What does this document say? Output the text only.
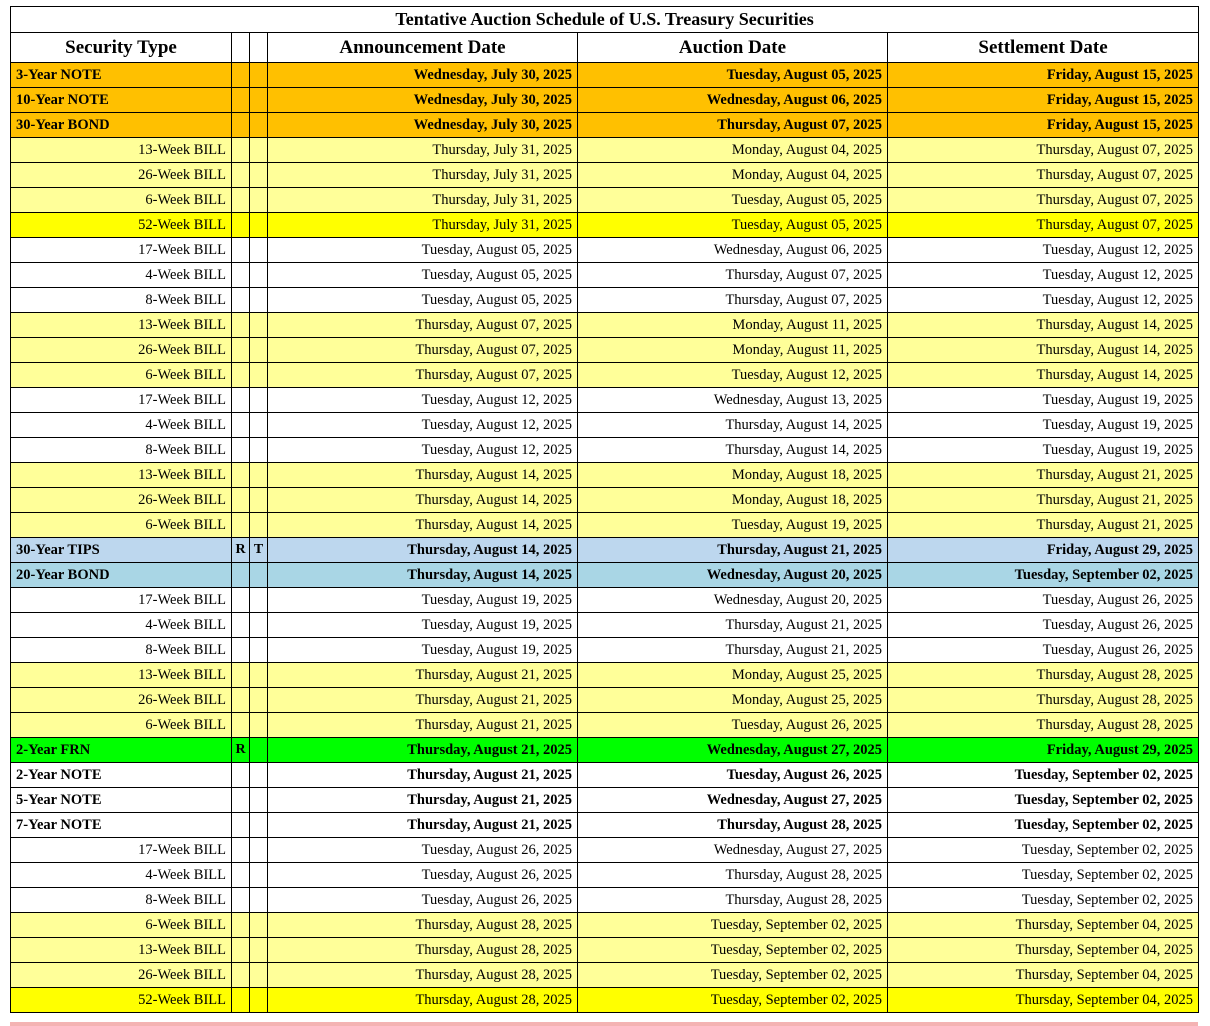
Tentative Auction Schedule of U.S. Treasury Securities					
Security Type			Announcement Date	Auction Date	Settlement Date
3-Year NOTE			Wednesday, July 30, 2025	Tuesday, August 05, 2025	Friday, August 15, 2025
10-Year NOTE			Wednesday, July 30, 2025	Wednesday, August 06, 2025	Friday, August 15, 2025
30-Year BOND			Wednesday, July 30, 2025	Thursday, August 07, 2025	Friday, August 15, 2025
13-Week BILL			Thursday, July 31, 2025	Monday, August 04, 2025	Thursday, August 07, 2025
26-Week BILL			Thursday, July 31, 2025	Monday, August 04, 2025	Thursday, August 07, 2025
6-Week BILL			Thursday, July 31, 2025	Tuesday, August 05, 2025	Thursday, August 07, 2025
52-Week BILL			Thursday, July 31, 2025	Tuesday, August 05, 2025	Thursday, August 07, 2025
17-Week BILL			Tuesday, August 05, 2025	Wednesday, August 06, 2025	Tuesday, August 12, 2025
4-Week BILL			Tuesday, August 05, 2025	Thursday, August 07, 2025	Tuesday, August 12, 2025
8-Week BILL			Tuesday, August 05, 2025	Thursday, August 07, 2025	Tuesday, August 12, 2025
13-Week BILL			Thursday, August 07, 2025	Monday, August 11, 2025	Thursday, August 14, 2025
26-Week BILL			Thursday, August 07, 2025	Monday, August 11, 2025	Thursday, August 14, 2025
6-Week BILL			Thursday, August 07, 2025	Tuesday, August 12, 2025	Thursday, August 14, 2025
17-Week BILL			Tuesday, August 12, 2025	Wednesday, August 13, 2025	Tuesday, August 19, 2025
4-Week BILL			Tuesday, August 12, 2025	Thursday, August 14, 2025	Tuesday, August 19, 2025
8-Week BILL			Tuesday, August 12, 2025	Thursday, August 14, 2025	Tuesday, August 19, 2025
13-Week BILL			Thursday, August 14, 2025	Monday, August 18, 2025	Thursday, August 21, 2025
26-Week BILL			Thursday, August 14, 2025	Monday, August 18, 2025	Thursday, August 21, 2025
6-Week BILL			Thursday, August 14, 2025	Tuesday, August 19, 2025	Thursday, August 21, 2025
30-Year TIPS	R	T	Thursday, August 14, 2025	Thursday, August 21, 2025	Friday, August 29, 2025
20-Year BOND			Thursday, August 14, 2025	Wednesday, August 20, 2025	Tuesday, September 02, 2025
17-Week BILL			Tuesday, August 19, 2025	Wednesday, August 20, 2025	Tuesday, August 26, 2025
4-Week BILL			Tuesday, August 19, 2025	Thursday, August 21, 2025	Tuesday, August 26, 2025
8-Week BILL			Tuesday, August 19, 2025	Thursday, August 21, 2025	Tuesday, August 26, 2025
13-Week BILL			Thursday, August 21, 2025	Monday, August 25, 2025	Thursday, August 28, 2025
26-Week BILL			Thursday, August 21, 2025	Monday, August 25, 2025	Thursday, August 28, 2025
6-Week BILL			Thursday, August 21, 2025	Tuesday, August 26, 2025	Thursday, August 28, 2025
2-Year FRN	R		Thursday, August 21, 2025	Wednesday, August 27, 2025	Friday, August 29, 2025
2-Year NOTE			Thursday, August 21, 2025	Tuesday, August 26, 2025	Tuesday, September 02, 2025
5-Year NOTE			Thursday, August 21, 2025	Wednesday, August 27, 2025	Tuesday, September 02, 2025
7-Year NOTE			Thursday, August 21, 2025	Thursday, August 28, 2025	Tuesday, September 02, 2025
17-Week BILL			Tuesday, August 26, 2025	Wednesday, August 27, 2025	Tuesday, September 02, 2025
4-Week BILL			Tuesday, August 26, 2025	Thursday, August 28, 2025	Tuesday, September 02, 2025
8-Week BILL			Tuesday, August 26, 2025	Thursday, August 28, 2025	Tuesday, September 02, 2025
6-Week BILL			Thursday, August 28, 2025	Tuesday, September 02, 2025	Thursday, September 04, 2025
13-Week BILL			Thursday, August 28, 2025	Tuesday, September 02, 2025	Thursday, September 04, 2025
26-Week BILL			Thursday, August 28, 2025	Tuesday, September 02, 2025	Thursday, September 04, 2025
52-Week BILL			Thursday, August 28, 2025	Tuesday, September 02, 2025	Thursday, September 04, 2025
